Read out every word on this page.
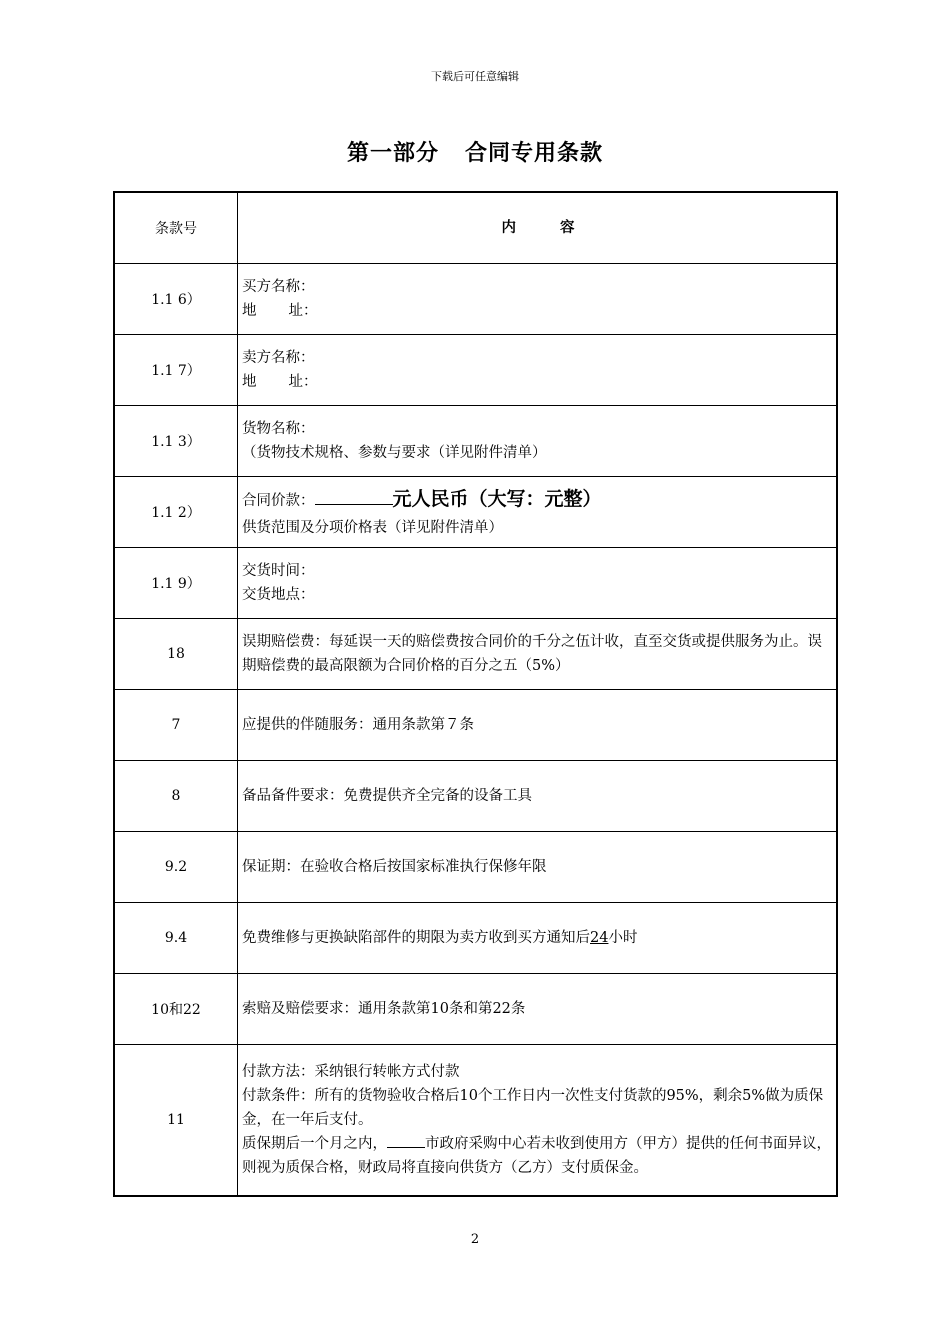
下载后可任意编辑
第一部分 合同专用条款
条款号	内 容
1.1 6）	买方名称：
地 址：

1.1 7）	卖方名称：
地 址：

1.1 3）	货物名称：
（货物技术规格、参数与要求（详见附件清单）

1.1 2）	合同价款： 元人民币（大写：元整）
供货范围及分项价格表（详见附件清单）

1.1 9）	交货时间：
交货地点：

18	误期赔偿费：每延误一天的赔偿费按合同价的千分之伍计收，直至交货或提供服务为止。误期赔偿费的最高限额为合同价格的百分之五（5%）
7	应提供的伴随服务：通用条款第７条
8	备品备件要求：免费提供齐全完备的设备工具
9.2	保证期：在验收合格后按国家标准执行保修年限
9.4	免费维修与更换缺陷部件的期限为卖方收到买方通知后24小时
10和22	索赔及赔偿要求：通用条款第10条和第22条
11	付款方法：采纳银行转帐方式付款
付款条件：所有的货物验收合格后10个工作日内一次性支付货款的95%，剩余5%做为质保金，在一年后支付。
质保期后一个月之内， 市政府采购中心若未收到使用方（甲方）提供的任何书面异议，则视为质保合格，财政局将直接向供货方（乙方）支付质保金。
2
